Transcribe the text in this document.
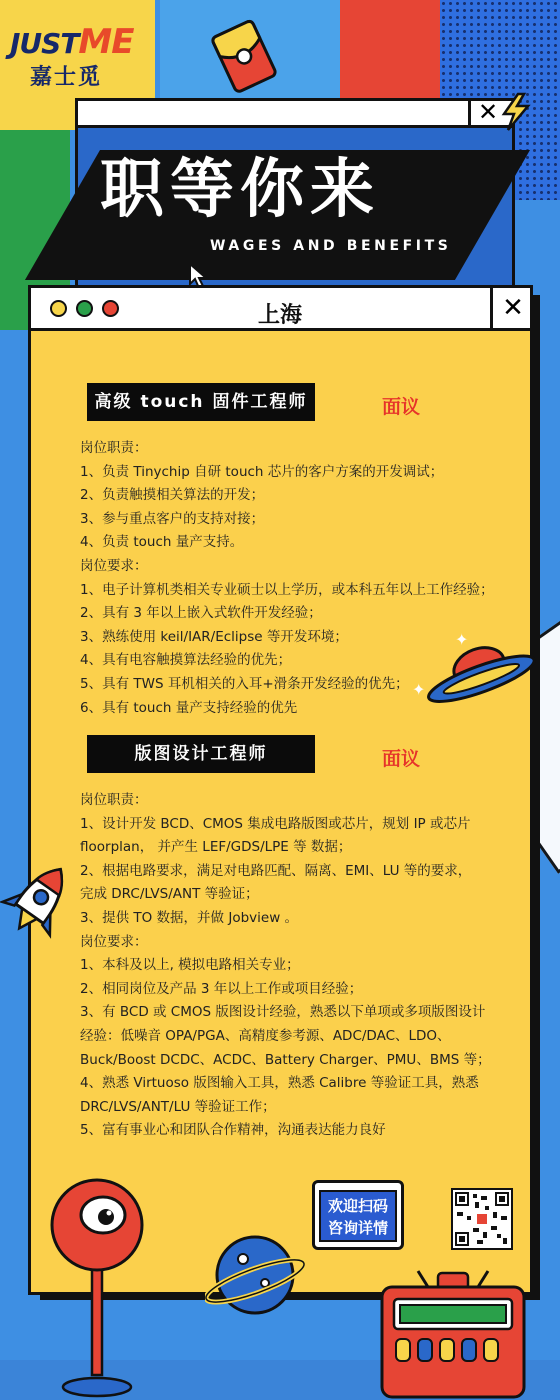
JUSTME
嘉士觅
✕
职等你来
WAGES AND BENEFITS
上海	✕
高级 touch 固件工程师	面议
岗位职责：
1、负责 Tinychip 自研 touch 芯片的客户方案的开发调试；
2、负责触摸相关算法的开发；
3、参与重点客户的支持对接；
4、负责 touch 量产支持。
岗位要求：
1、电子计算机类相关专业硕士以上学历，或本科五年以上工作经验；
2、具有 3 年以上嵌入式软件开发经验；
3、熟练使用 keil/IAR/Eclipse 等开发环境；
4、具有电容触摸算法经验的优先；
5、具有 TWS 耳机相关的入耳+滑条开发经验的优先；
6、具有 touch 量产支持经验的优先
版图设计工程师	面议
岗位职责：
1、设计开发 BCD、CMOS 集成电路版图或芯片，规划 IP 或芯片
floorplan， 并产生 LEF/GDS/LPE 等 数据；
2、根据电路要求，满足对电路匹配、隔离、EMI、LU 等的要求，
完成 DRC/LVS/ANT 等验证；
3、提供 TO 数据，并做 Jobview 。
岗位要求：
1、本科及以上, 模拟电路相关专业；
2、相同岗位及产品 3 年以上工作或项目经验；
3、有 BCD 或 CMOS 版图设计经验，熟悉以下单项或多项版图设计
经验：低噪音 OPA/PGA、高精度参考源、ADC/DAC、LDO、
Buck/Boost DCDC、ACDC、Battery Charger、PMU、BMS 等；
4、熟悉 Virtuoso 版图输入工具，熟悉 Calibre 等验证工具，熟悉
DRC/LVS/ANT/LU 等验证工作；
5、富有事业心和团队合作精神，沟通表达能力良好
✦
✦
欢迎扫码
咨询详情
